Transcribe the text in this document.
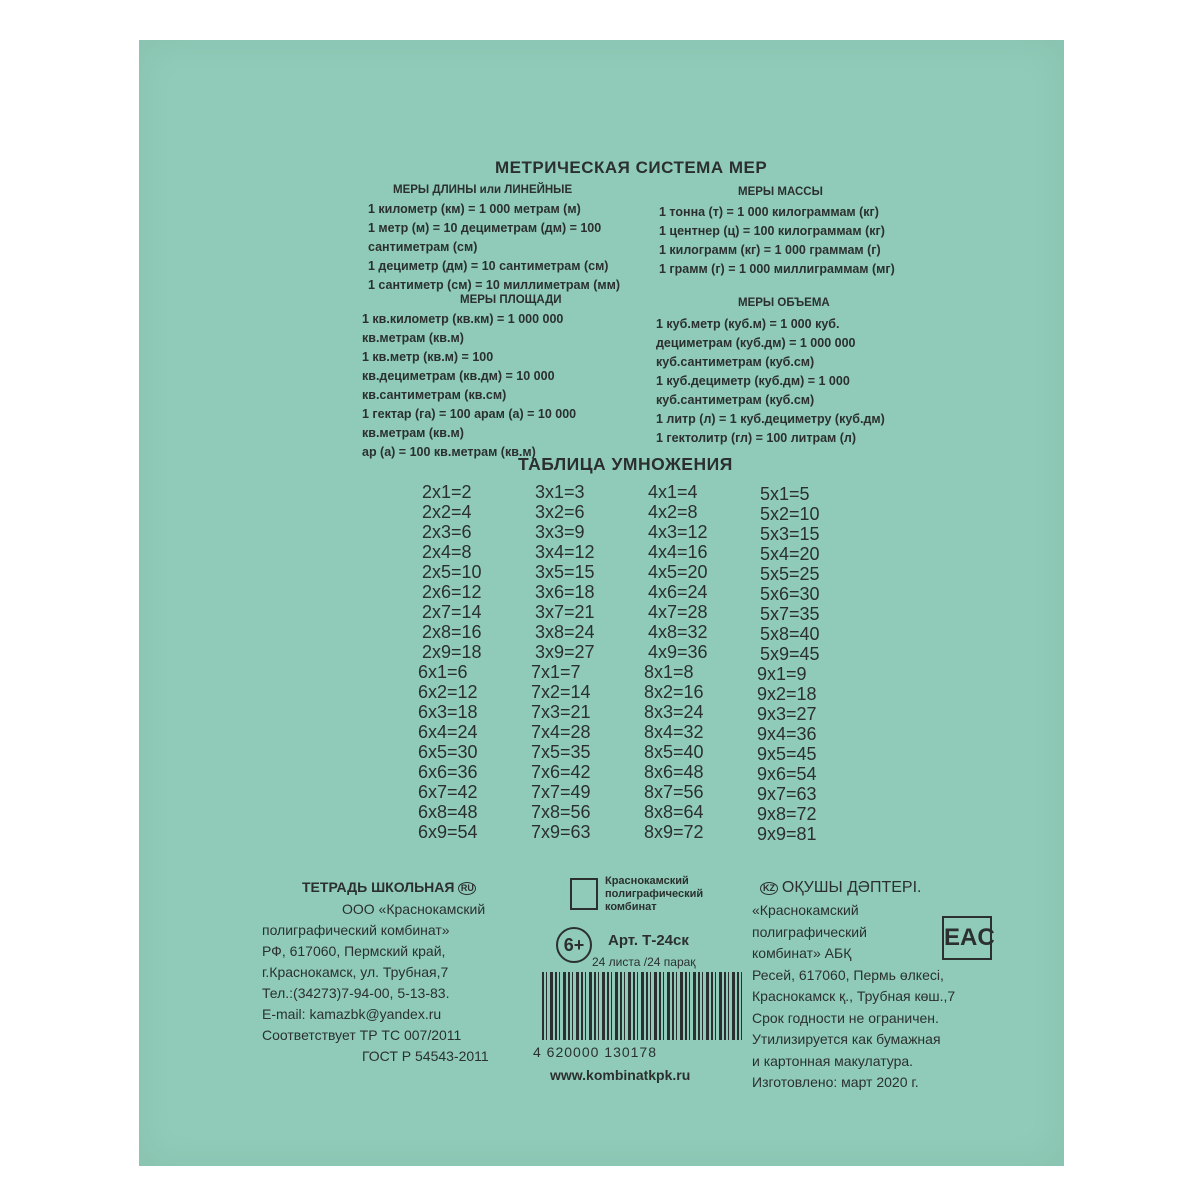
МЕТРИЧЕСКАЯ СИСТЕМА МЕР
МЕРЫ ДЛИНЫ или ЛИНЕЙНЫЕ
1 километр (км) = 1 000 метрам (м)
1 метр (м) = 10 дециметрам (дм) = 100
сантиметрам (см)
1 дециметр (дм) = 10 сантиметрам (см)
1 сантиметр (см) = 10 миллиметрам (мм)
МЕРЫ МАССЫ
1 тонна (т) = 1 000 килограммам (кг)
1 центнер (ц) = 100 килограммам (кг)
1 килограмм (кг) = 1 000 граммам (г)
1 грамм (г) = 1 000 миллиграммам (мг)
МЕРЫ ПЛОЩАДИ
1 кв.километр (кв.км) = 1 000 000
кв.метрам (кв.м)
1 кв.метр (кв.м) = 100
кв.дециметрам (кв.дм) = 10 000
кв.сантиметрам (кв.см)
1 гектар (га) = 100 арам (а) = 10 000
кв.метрам (кв.м)
ар (а) = 100 кв.метрам (кв.м)
МЕРЫ ОБЪЕМА
1 куб.метр (куб.м) = 1 000 куб.
дециметрам (куб.дм) = 1 000 000
куб.сантиметрам (куб.см)
1 куб.дециметр (куб.дм) = 1 000
куб.сантиметрам (куб.см)
1 литр (л) = 1 куб.дециметру (куб.дм)
1 гектолитр (гл) = 100 литрам (л)
ТАБЛИЦА УМНОЖЕНИЯ
2x1=2
2x2=4
2x3=6
2x4=8
2x5=10
2x6=12
2x7=14
2x8=16
2x9=18
3x1=3
3x2=6
3x3=9
3x4=12
3x5=15
3x6=18
3x7=21
3x8=24
3x9=27
4x1=4
4x2=8
4x3=12
4x4=16
4x5=20
4x6=24
4x7=28
4x8=32
4x9=36
5x1=5
5x2=10
5x3=15
5x4=20
5x5=25
5x6=30
5x7=35
5x8=40
5x9=45
6x1=6
6x2=12
6x3=18
6x4=24
6x5=30
6x6=36
6x7=42
6x8=48
6x9=54
7x1=7
7x2=14
7x3=21
7x4=28
7x5=35
7x6=42
7x7=49
7x8=56
7x9=63
8x1=8
8x2=16
8x3=24
8x4=32
8x5=40
8x6=48
8x7=56
8x8=64
8x9=72
9x1=9
9x2=18
9x3=27
9x4=36
9x5=45
9x6=54
9x7=63
9x8=72
9x9=81
ТЕТРАДЬ ШКОЛЬНАЯ RU
ООО «Краснокамский
полиграфический комбинат»
РФ, 617060, Пермский край,
г.Краснокамск, ул. Трубная,7
Тел.:(34273)7-94-00, 5-13-83.
E-mail: kamazbk@yandex.ru
Соответствует ТР ТС 007/2011
ГОСТ Р 54543-2011
Краснокамский
полиграфический
комбинат
6+	Арт. Т-24ск
24 листа /24 парақ
4 620000 130178
www.kombinatkpk.ru
KZ ОҚУШЫ ДӘПТЕРІ.
«Краснокамский
полиграфический
комбинат» АБҚ
Ресей, 617060, Пермь өлкесі,
Краснокамск қ., Трубная көш.,7
Срок годности не ограничен.
Утилизируется как бумажная
и картонная макулатура.
Изготовлено: март 2020 г.
EAC
